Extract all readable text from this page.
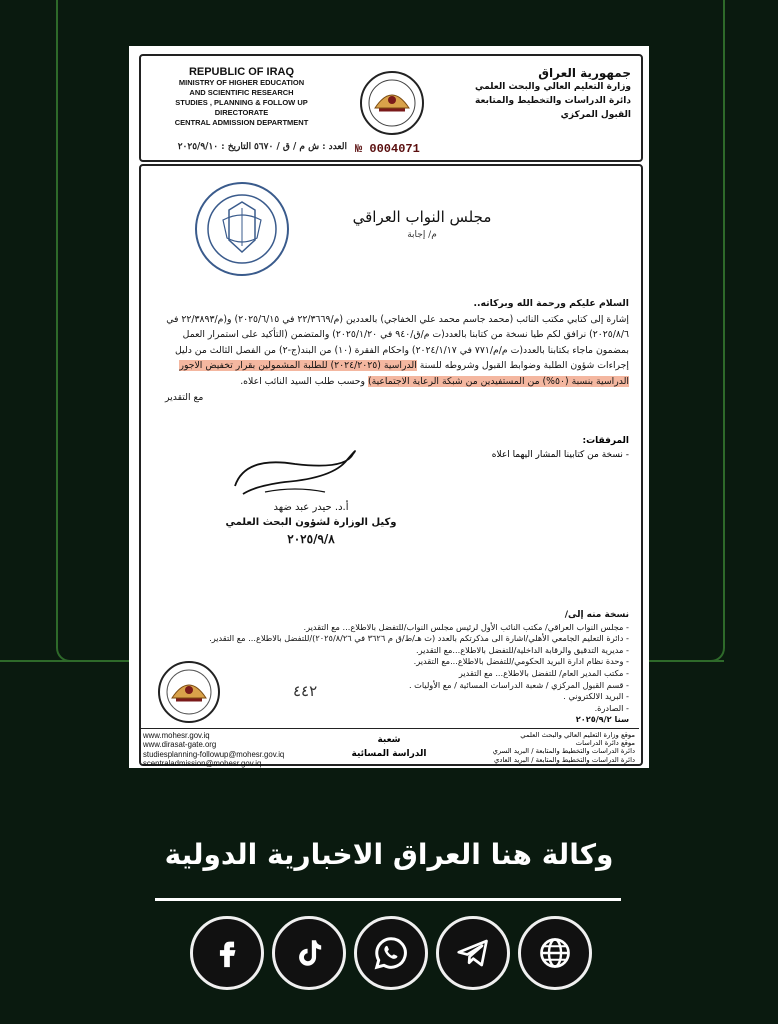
REPUBLIC OF IRAQ
MINISTRY OF HIGHER EDUCATION
AND SCIENTIFIC RESEARCH
STUDIES , PLANNING & FOLLOW UP DIRECTORATE
CENTRAL ADMISSION DEPARTMENT
جمهورية العراق
وزارة التعليم العالي والبحث العلمي
دائرة الدراسات والتخطيط والمتابعة
القبول المركزي
العدد : ش م / ق / ٥٦٧٠ التاريخ : ٢٠٢٥/٩/١٠	№ 0004071
مجلس النواب العراقي
م/ إجابة

السلام عليكم ورحمة الله وبركاته..

إشارة إلى كتابي مكتب النائب (محمد جاسم محمد علي الخفاجي) بالعددين (م/٢٢/٣٦٦٩ في ٢٠٢٥/٦/١٥) و(م/٢٢/٣٨٩٣ في ٢٠٢٥/٨/٦) نرافق لكم طيا نسخة من كتابنا بالعدد(ت م/ق/٩٤٠ في ٢٠٢٥/١/٢٠) والمتضمن (التأكيد على استمرار العمل بمضمون ماجاء بكتابنا بالعدد(ت م/م/٧٧١ في ٢٠٢٤/١/١٧) واحكام الفقرة (١٠) من البند(ج-٢) من الفصل الثالث من دليل إجراءات شؤون الطلبة وضوابط القبول وشروطه للسنة الدراسية (٢٠٢٤/٢٠٢٥) للطلبة المشمولين بقرار تخفيض الاجور الدراسية بنسبة (٥٠%) من المستفيدين من شبكة الرعاية الاجتماعية) وحسب طلب السيد النائب اعلاه.

مع التقدير
المرفقات:
- نسخة من كتابينا المشار اليهما اعلاه
أ.د. حيدر عبد ضهد
وكيل الوزارة لشؤون البحث العلمي
٢٠٢٥/٩/٨
نسخة منه إلى/
- مجلس النواب العراقي/ مكتب النائب الأول لرئيس مجلس النواب/للتفضل بالاطلاع... مع التقدير.
- دائرة التعليم الجامعي الأهلي/اشارة الى مذكرتكم بالعدد (ت هـ/ط/ق م ٣٦٢٦ في ٢٠٢٥/٨/٢٦)/للتفضل بالاطلاع... مع التقدير.
- مديرية التدقيق والرقابة الداخلية/للتفضل بالاطلاع...مع التقدير.
- وحدة نظام ادارة البريد الحكومي/للتفضل بالاطلاع...مع التقدير.
- مكتب المدير العام/ للتفضل بالاطلاع... مع التقدير
- قسم القبول المركزي / شعبة الدراسات المسائية / مع الأوليات .
- البريد الالكتروني .
- الصادرة.
سنا ٢٠٢٥/٩/٢
٤٤٢
www.mohesr.gov.iq
www.dirasat-gate.org
studiesplanning-followup@mohesr.gov.iq
scentraladmission@mohesr.gov.iq
شعبة
الدراسة المسائية
موقع وزارة التعليم العالي والبحث العلمي
موقع دائرة الدراسات
دائرة الدراسات والتخطيط والمتابعة / البريد السري
دائرة الدراسات والتخطيط والمتابعة / البريد العادي
وكالة هنا العراق الاخبارية الدولية
